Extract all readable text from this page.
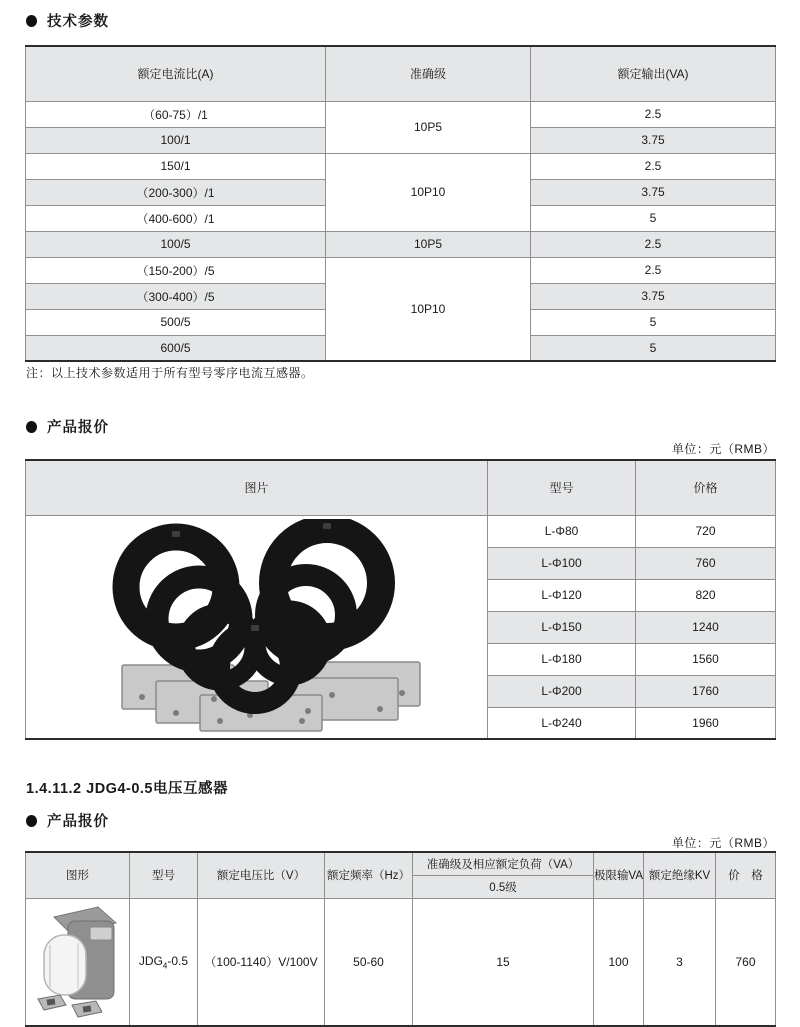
技术参数
额定电流比(A)	准确级	额定输出(VA)
（60-75）/1	10P5	2.5
100/1		3.75
150/1	10P10	2.5
（200-300）/1		3.75
（400-600）/1		5
100/5	10P5	2.5
（150-200）/5	10P10	2.5
（300-400）/5		3.75
500/5		5
600/5		5
注：以上技术参数适用于所有型号零序电流互感器。
产品报价
单位：元（RMB）
图片	型号	价格

	L-Φ80	720
	L-Φ100	760
	L-Φ120	820
	L-Φ150	1240
	L-Φ180	1560
	L-Φ200	1760
	L-Φ240	1960
1.4.11.2 JDG4-0.5电压互感器
产品报价
单位：元（RMB）
图形	型号	额定电压比（V）	额定频率（Hz）	准确级及相应额定负荷（VA）	极限输VA	额定绝缘KV	价　格
				0.5级			

	$JDG_4-0.5$	（100-1140）V/100V	50-60	15	100	3	760
